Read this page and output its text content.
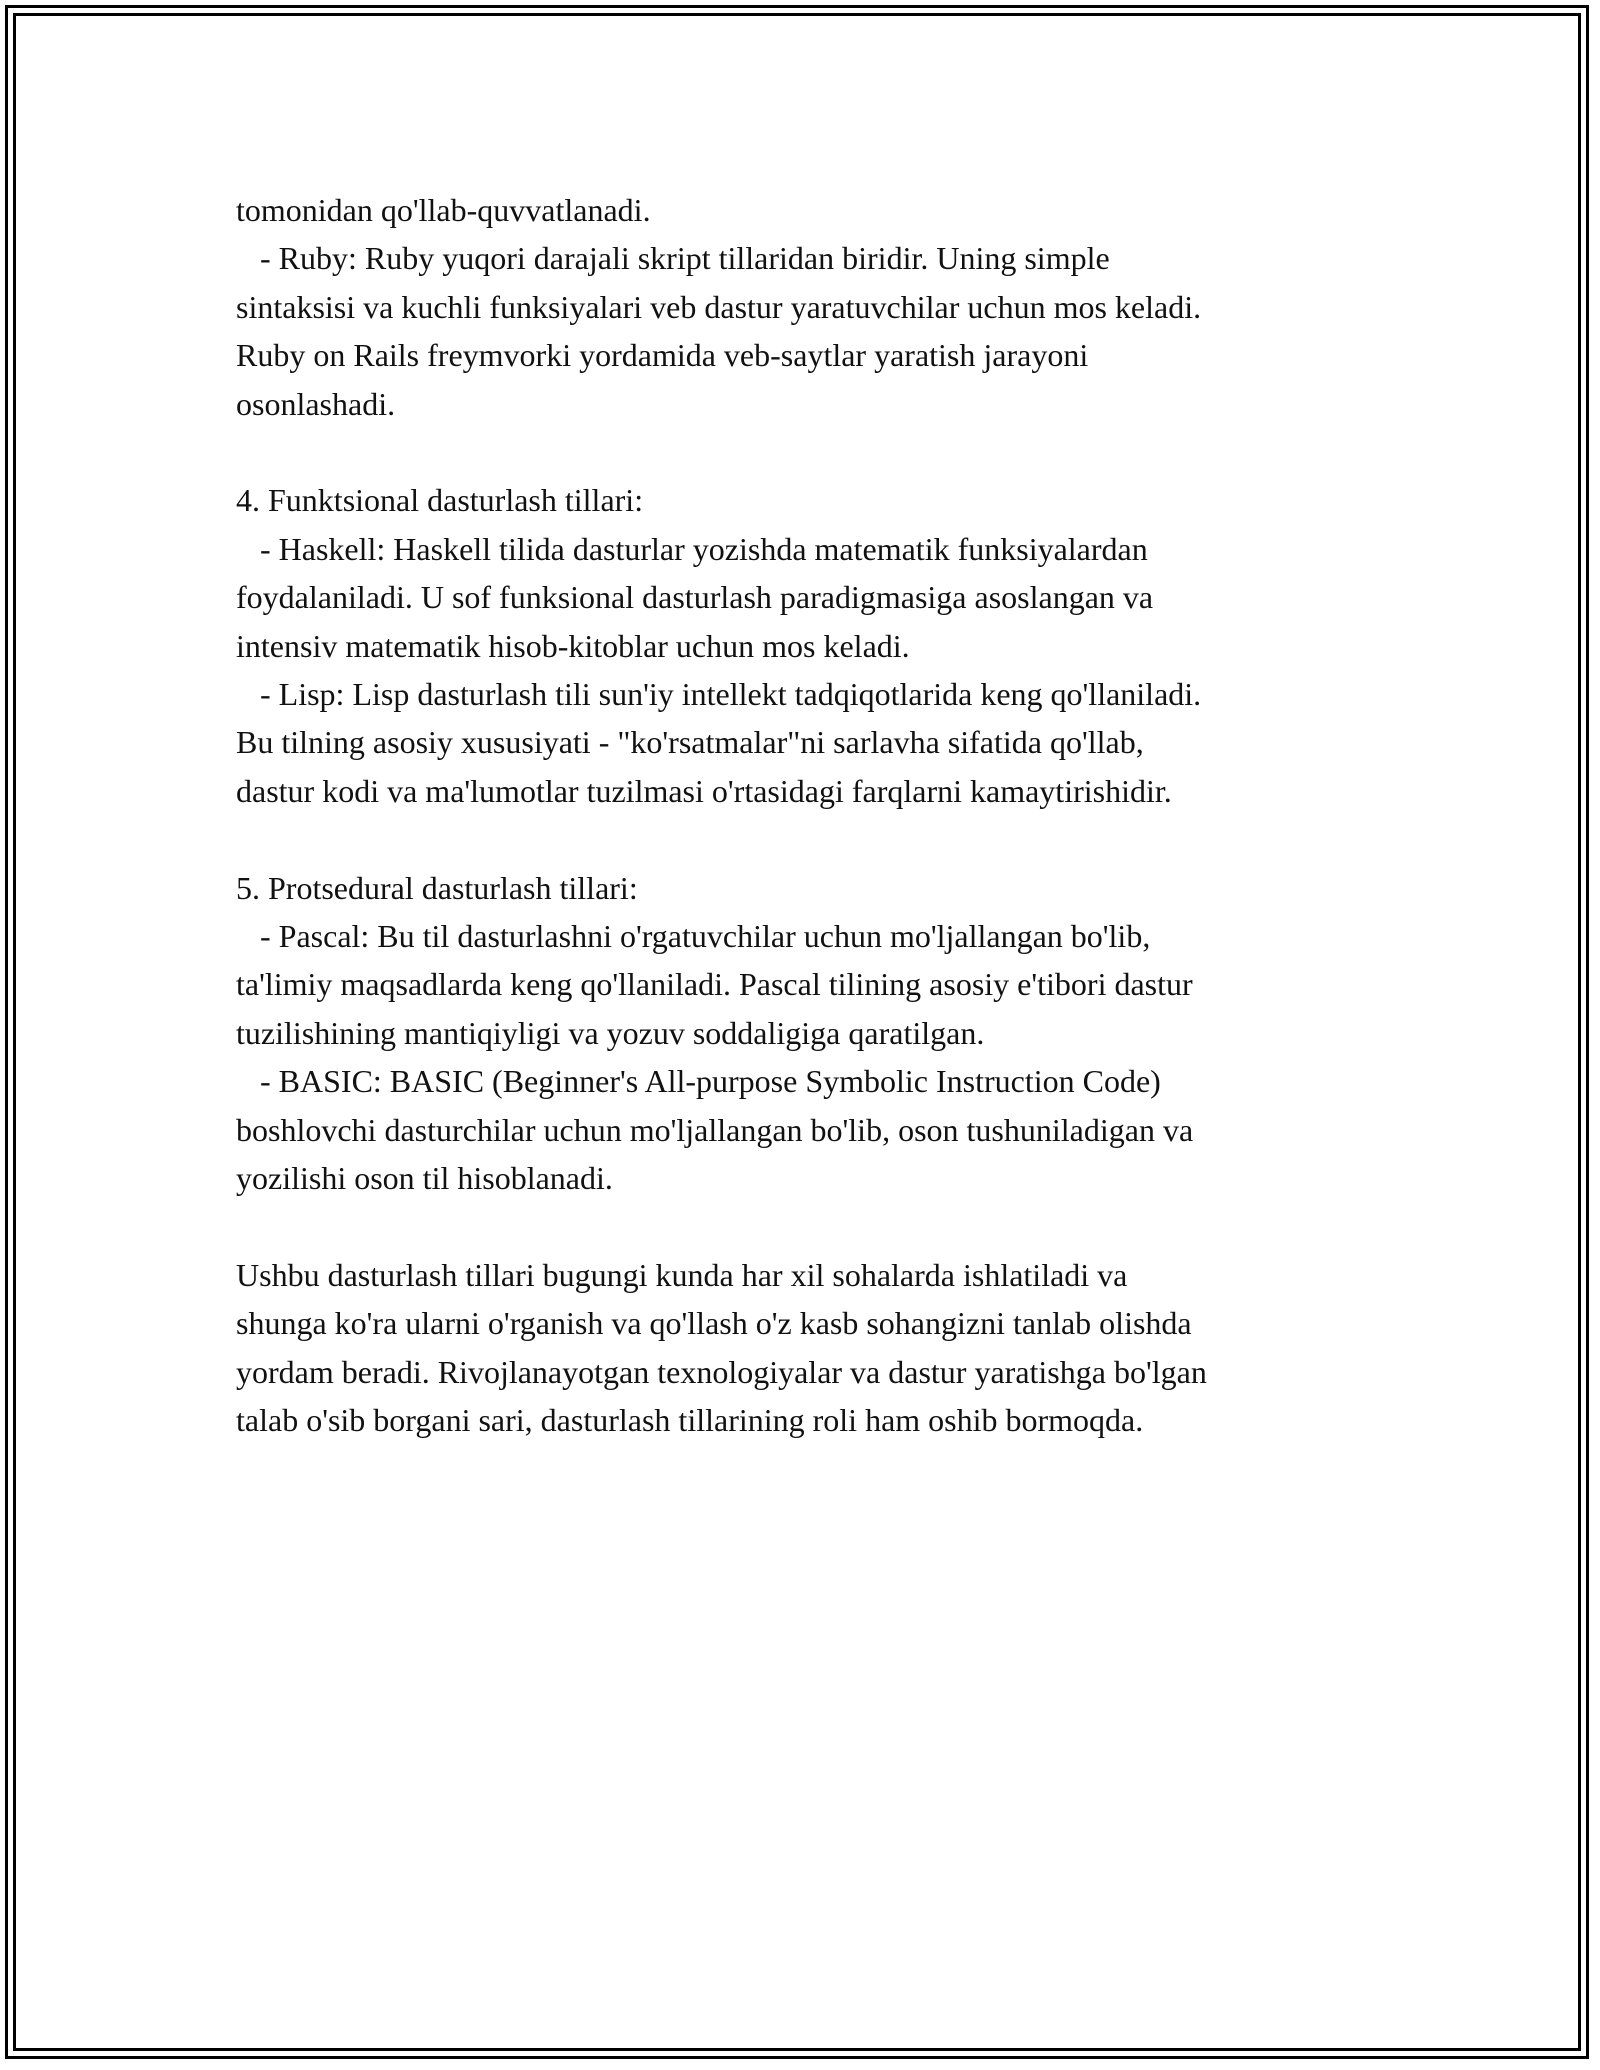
tomonidan qo'llab-quvvatlanadi.
- Ruby: Ruby yuqori darajali skript tillaridan biridir. Uning simple
sintaksisi va kuchli funksiyalari veb dastur yaratuvchilar uchun mos keladi.
Ruby on Rails freymvorki yordamida veb-saytlar yaratish jarayoni
osonlashadi.
4. Funktsional dasturlash tillari:
- Haskell: Haskell tilida dasturlar yozishda matematik funksiyalardan
foydalaniladi. U sof funksional dasturlash paradigmasiga asoslangan va
intensiv matematik hisob-kitoblar uchun mos keladi.
- Lisp: Lisp dasturlash tili sun'iy intellekt tadqiqotlarida keng qo'llaniladi.
Bu tilning asosiy xususiyati - "ko'rsatmalar"ni sarlavha sifatida qo'llab,
dastur kodi va ma'lumotlar tuzilmasi o'rtasidagi farqlarni kamaytirishidir.
5. Protsedural dasturlash tillari:
- Pascal: Bu til dasturlashni o'rgatuvchilar uchun mo'ljallangan bo'lib,
ta'limiy maqsadlarda keng qo'llaniladi. Pascal tilining asosiy e'tibori dastur
tuzilishining mantiqiyligi va yozuv soddaligiga qaratilgan.
- BASIC: BASIC (Beginner's All-purpose Symbolic Instruction Code)
boshlovchi dasturchilar uchun mo'ljallangan bo'lib, oson tushuniladigan va
yozilishi oson til hisoblanadi.
Ushbu dasturlash tillari bugungi kunda har xil sohalarda ishlatiladi va
shunga ko'ra ularni o'rganish va qo'llash o'z kasb sohangizni tanlab olishda
yordam beradi. Rivojlanayotgan texnologiyalar va dastur yaratishga bo'lgan
talab o'sib borgani sari, dasturlash tillarining roli ham oshib bormoqda.
